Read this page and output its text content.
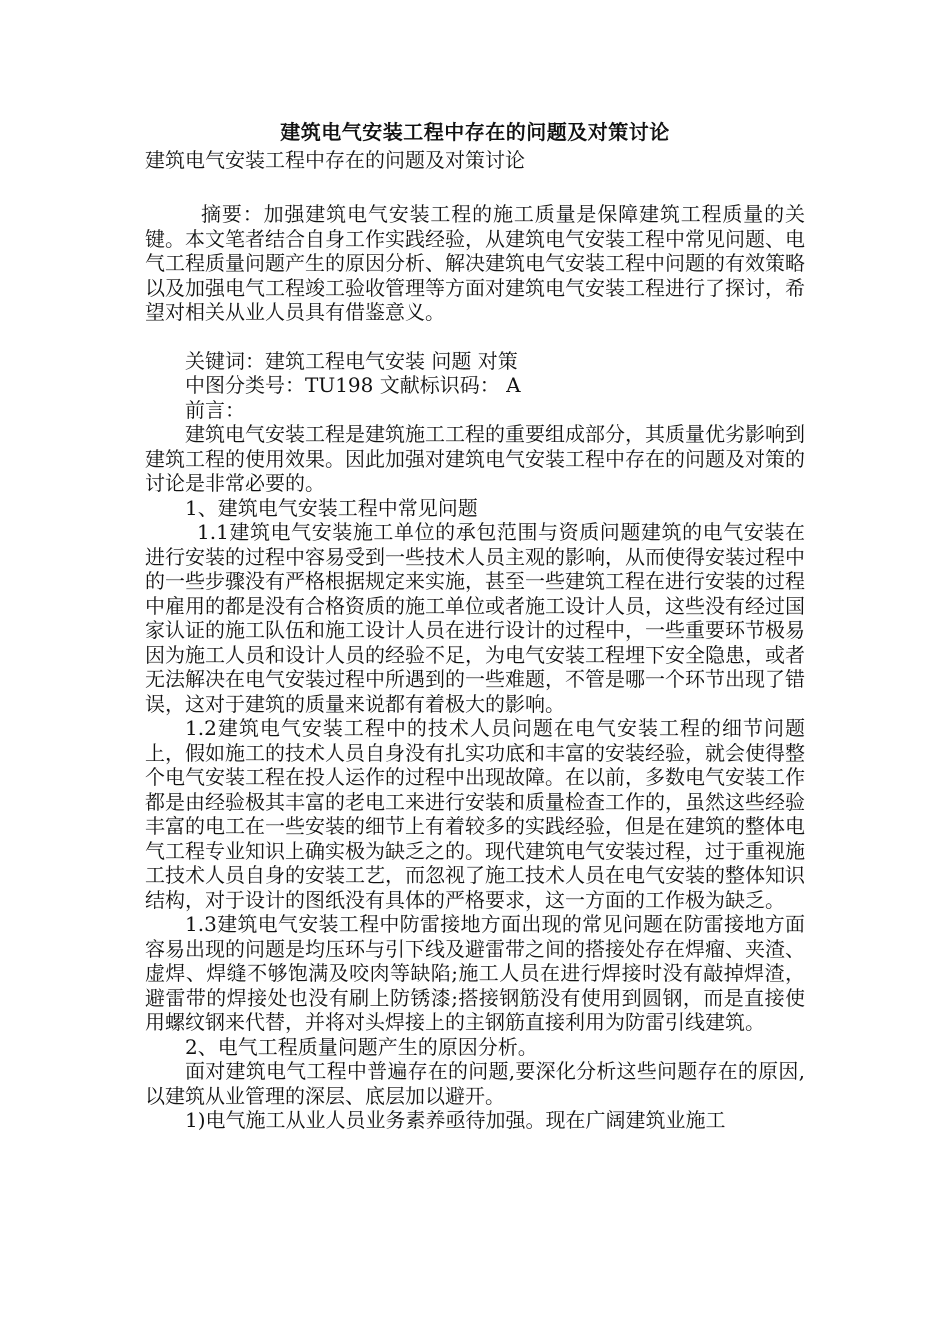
建筑电气安装工程中存在的问题及对策讨论
建筑电气安装工程中存在的问题及对策讨论

摘要：加强建筑电气安装工程的施工质量是保障建筑工程质量的关键。本文笔者结合自身工作实践经验，从建筑电气安装工程中常见问题、电气工程质量问题产生的原因分析、解决建筑电气安装工程中问题的有效策略以及加强电气工程竣工验收管理等方面对建筑电气安装工程进行了探讨，希望对相关从业人员具有借鉴意义。

关键词：建筑工程电气安装 问题 对策

中图分类号：TU198 文献标识码： A

前言：

建筑电气安装工程是建筑施工工程的重要组成部分，其质量优劣影响到建筑工程的使用效果。因此加强对建筑电气安装工程中存在的问题及对策的讨论是非常必要的。

1、建筑电气安装工程中常见问题

1.1建筑电气安装施工单位的承包范围与资质问题建筑的电气安装在进行安装的过程中容易受到一些技术人员主观的影响，从而使得安装过程中的一些步骤没有严格根据规定来实施，甚至一些建筑工程在进行安装的过程中雇用的都是没有合格资质的施工单位或者施工设计人员，这些没有经过国家认证的施工队伍和施工设计人员在进行设计的过程中，一些重要环节极易因为施工人员和设计人员的经验不足，为电气安装工程埋下安全隐患，或者无法解决在电气安装过程中所遇到的一些难题，不管是哪一个环节出现了错误，这对于建筑的质量来说都有着极大的影响。

1.2建筑电气安装工程中的技术人员问题在电气安装工程的细节问题上，假如施工的技术人员自身没有扎实功底和丰富的安装经验，就会使得整个电气安装工程在投人运作的过程中出现故障。在以前，多数电气安装工作都是由经验极其丰富的老电工来进行安装和质量检查工作的，虽然这些经验丰富的电工在一些安装的细节上有着较多的实践经验，但是在建筑的整体电气工程专业知识上确实极为缺乏之的。现代建筑电气安装过程，过于重视施工技术人员自身的安装工艺，而忽视了施工技术人员在电气安装的整体知识结构，对于设计的图纸没有具体的严格要求，这一方面的工作极为缺乏。

1.3建筑电气安装工程中防雷接地方面出现的常见问题在防雷接地方面容易出现的问题是均压环与引下线及避雷带之间的搭接处存在焊瘤、夹渣、虚焊、焊缝不够饱满及咬肉等缺陷;施工人员在进行焊接时没有敲掉焊渣，避雷带的焊接处也没有刷上防锈漆;搭接钢筋没有使用到圆钢，而是直接使用螺纹钢来代替，并将对头焊接上的主钢筋直接利用为防雷引线建筑。

2、电气工程质量问题产生的原因分析。

面对建筑电气工程中普遍存在的问题,要深化分析这些问题存在的原因,以建筑从业管理的深层、底层加以避开。

1)电气施工从业人员业务素养亟待加强。现在广阔建筑业施工
